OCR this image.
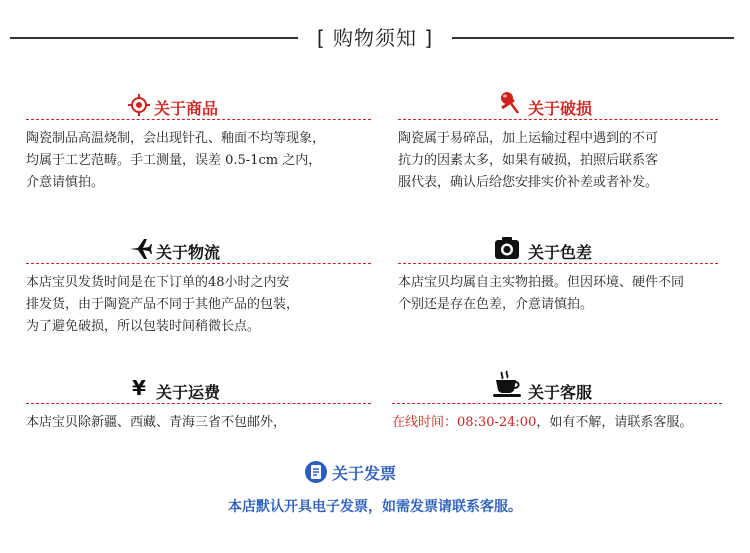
[ 购物须知 ]
关于商品

陶瓷制品高温烧制，会出现针孔、釉面不均等现象，

均属于工艺范畴。手工测量，误差 0.5-1cm 之内，

介意请慎拍。

关于破损

陶瓷属于易碎品，加上运输过程中遇到的不可

抗力的因素太多，如果有破损，拍照后联系客

服代表，确认后给您安排实价补差或者补发。

关于物流

本店宝贝发货时间是在下订单的48小时之内安

排发货，由于陶瓷产品不同于其他产品的包装，

为了避免破损，所以包装时间稍微长点。

关于色差

本店宝贝均属自主实物拍摄。但因环境、硬件不同

个别还是存在色差，介意请慎拍。

¥ 关于运费

本店宝贝除新疆、西藏、青海三省不包邮外，

关于客服

在线时间：08:30-24:00，如有不解，请联系客服。

关于发票
本店默认开具电子发票，如需发票请联系客服。
